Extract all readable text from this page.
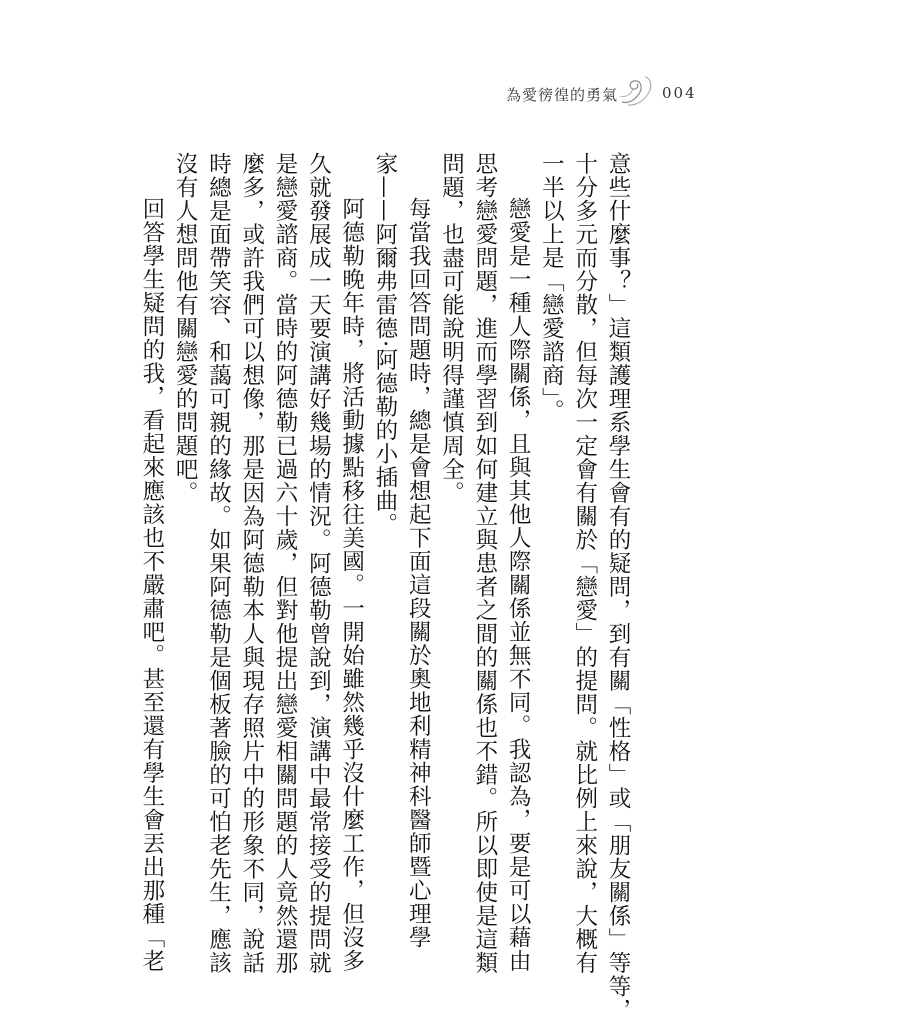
為愛徬徨的勇氣	004
意些什麼事？」這類護理系學生會有的疑問，到有關「性格」或「朋友關係」等等，
十分多元而分散，但每次一定會有關於「戀愛」的提問。就比例上來說，大概有
一半以上是「戀愛諮商」。
戀愛是一種人際關係，且與其他人際關係並無不同。我認為，要是可以藉由
思考戀愛問題，進而學習到如何建立與患者之間的關係也不錯。所以即使是這類
問題，也盡可能說明得謹慎周全。
每當我回答問題時，總是會想起下面這段關於奧地利精神科醫師暨心理學
家——阿爾弗雷德·阿德勒的小插曲。
阿德勒晚年時，將活動據點移往美國。一開始雖然幾乎沒什麼工作，但沒多
久就發展成一天要演講好幾場的情況。阿德勒曾說到，演講中最常接受的提問就
是戀愛諮商。當時的阿德勒已過六十歲，但對他提出戀愛相關問題的人竟然還那
麼多，或許我們可以想像，那是因為阿德勒本人與現存照片中的形象不同，說話
時總是面帶笑容、和藹可親的緣故。如果阿德勒是個板著臉的可怕老先生，應該
沒有人想問他有關戀愛的問題吧。
回答學生疑問的我，看起來應該也不嚴肅吧。甚至還有學生會丟出那種「老
